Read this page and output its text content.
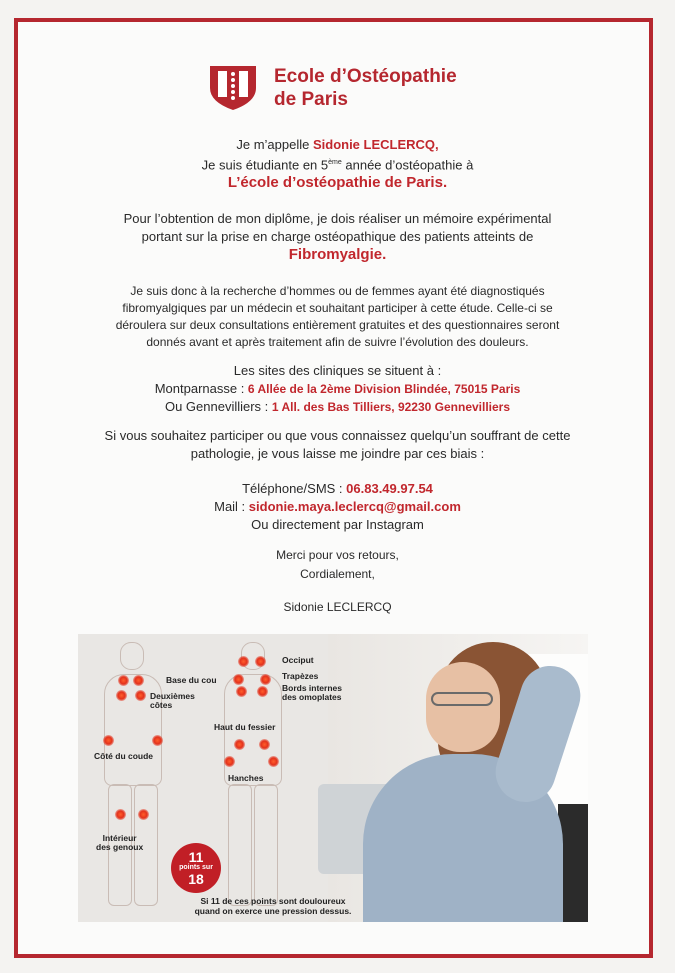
Ecole d’Ostéopathie
de Paris

Je m’appelle Sidonie LECLERCQ,

Je suis étudiante en 5ème année d’ostéopathie à

L’école d’ostéopathie de Paris.

Pour l’obtention de mon diplôme, je dois réaliser un mémoire expérimental

portant sur la prise en charge ostéopathique des patients atteints de

Fibromyalgie.

Je suis donc à la recherche d’hommes ou de femmes ayant été diagnostiqués

fibromyalgiques par un médecin et souhaitant participer à cette étude. Celle-ci se

déroulera sur deux consultations entièrement gratuites et des questionnaires seront

donnés avant et après traitement afin de suivre l’évolution des douleurs.

Les sites des cliniques se situent à :

Montparnasse : 6 Allée de la 2ème Division Blindée, 75015 Paris

Ou Gennevilliers : 1 All. des Bas Tilliers, 92230 Gennevilliers

Si vous souhaitez participer ou que vous connaissez quelqu’un souffrant de cette

pathologie, je vous laisse me joindre par ces biais :

Téléphone/SMS : 06.83.49.97.54

Mail : sidonie.maya.leclercq@gmail.com

Ou directement par Instagram

Merci pour vos retours,

Cordialement,

Sidonie LECLERCQ

Base du cou
Deuxièmes
côtes
Côté du coude
Intérieur
des genoux
Occiput
Trapèzes
Bords internes
des omoplates
Haut du fessier
Hanches
11
points sur
18
Si 11 de ces points sont douloureux
quand on exerce une pression dessus.
